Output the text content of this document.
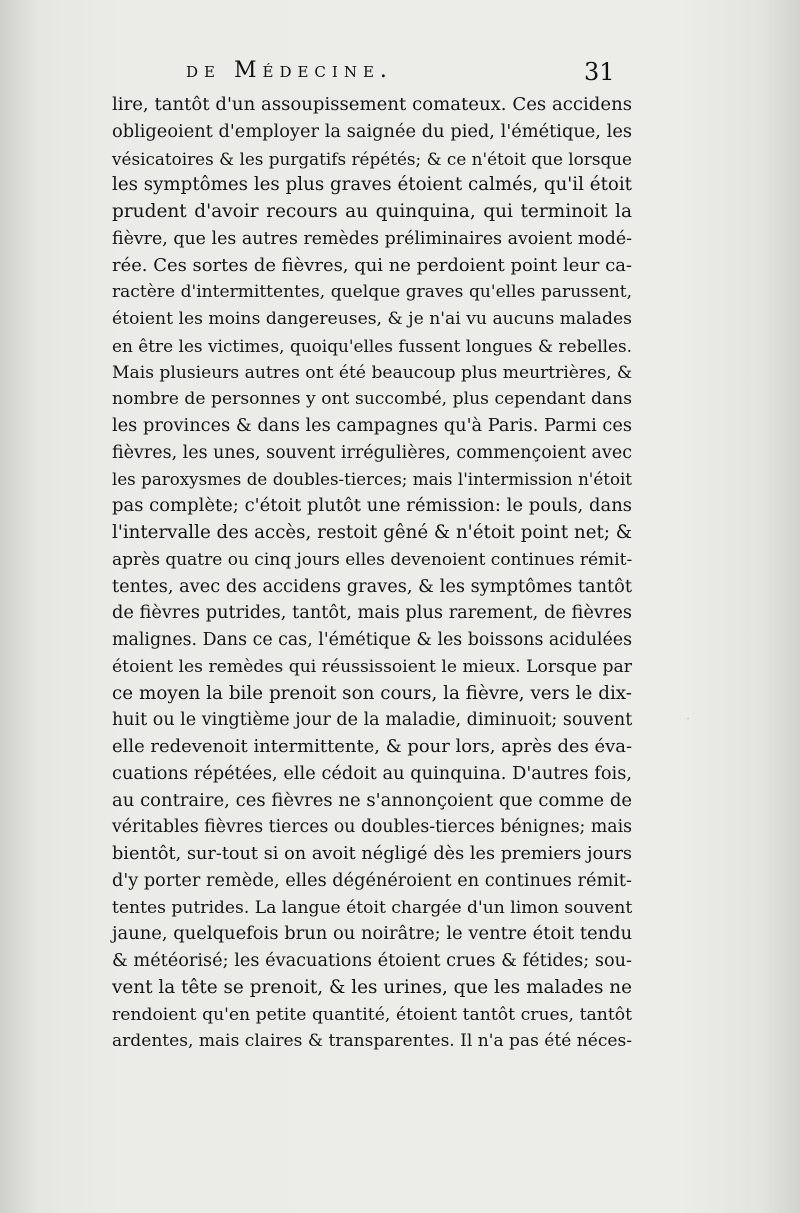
de Médecine.	31
lire, tantôt d'un assoupissement comateux. Ces accidens
obligeoient d'employer la saignée du pied, l'émétique, les
vésicatoires & les purgatifs répétés; & ce n'étoit que lorsque
les symptômes les plus graves étoient calmés, qu'il étoit
prudent d'avoir recours au quinquina, qui terminoit la
fièvre, que les autres remèdes préliminaires avoient modé-
rée. Ces sortes de fièvres, qui ne perdoient point leur ca-
ractère d'intermittentes, quelque graves qu'elles parussent,
étoient les moins dangereuses, & je n'ai vu aucuns malades
en être les victimes, quoiqu'elles fussent longues & rebelles.
Mais plusieurs autres ont été beaucoup plus meurtrières, &
nombre de personnes y ont succombé, plus cependant dans
les provinces & dans les campagnes qu'à Paris. Parmi ces
fièvres, les unes, souvent irrégulières, commençoient avec
les paroxysmes de doubles-tierces; mais l'intermission n'étoit
pas complète; c'étoit plutôt une rémission: le pouls, dans
l'intervalle des accès, restoit gêné & n'étoit point net; &
après quatre ou cinq jours elles devenoient continues rémit-
tentes, avec des accidens graves, & les symptômes tantôt
de fièvres putrides, tantôt, mais plus rarement, de fièvres
malignes. Dans ce cas, l'émétique & les boissons acidulées
étoient les remèdes qui réussissoient le mieux. Lorsque par
ce moyen la bile prenoit son cours, la fièvre, vers le dix-
huit ou le vingtième jour de la maladie, diminuoit; souvent
elle redevenoit intermittente, & pour lors, après des éva-
cuations répétées, elle cédoit au quinquina. D'autres fois,
au contraire, ces fièvres ne s'annonçoient que comme de
véritables fièvres tierces ou doubles-tierces bénignes; mais
bientôt, sur-tout si on avoit négligé dès les premiers jours
d'y porter remède, elles dégénéroient en continues rémit-
tentes putrides. La langue étoit chargée d'un limon souvent
jaune, quelquefois brun ou noirâtre; le ventre étoit tendu
& météorisé; les évacuations étoient crues & fétides; sou-
vent la tête se prenoit, & les urines, que les malades ne
rendoient qu'en petite quantité, étoient tantôt crues, tantôt
ardentes, mais claires & transparentes. Il n'a pas été néces-
·
